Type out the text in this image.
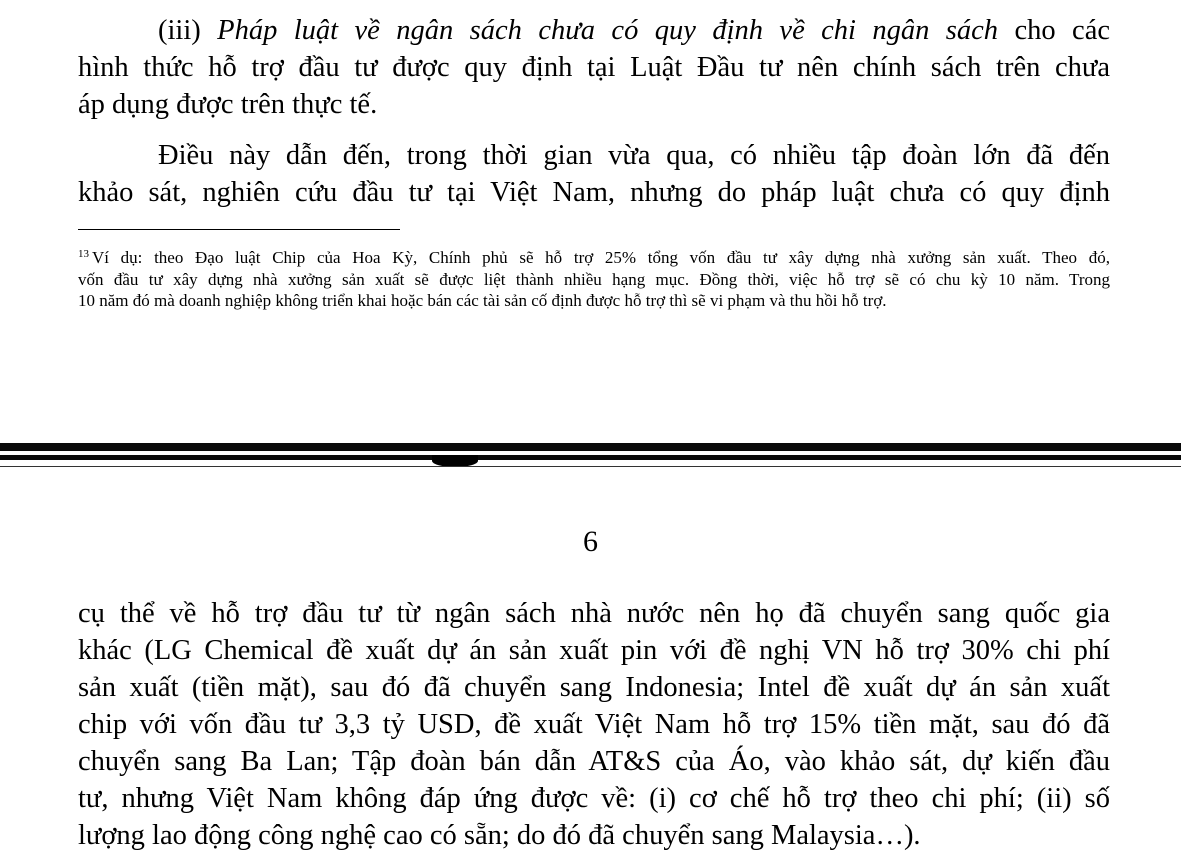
(iii) Pháp luật về ngân sách chưa có quy định về chi ngân sách cho các
hình thức hỗ trợ đầu tư được quy định tại Luật Đầu tư nên chính sách trên chưa
áp dụng được trên thực tế.

Điều này dẫn đến, trong thời gian vừa qua, có nhiều tập đoàn lớn đã đến
khảo sát, nghiên cứu đầu tư tại Việt Nam, nhưng do pháp luật chưa có quy định

$^{13}$ Ví dụ: theo Đạo luật Chip của Hoa Kỳ, Chính phủ sẽ hỗ trợ 25% tổng vốn đầu tư xây dựng nhà xưởng sản xuất. Theo đó,
vốn đầu tư xây dựng nhà xưởng sản xuất sẽ được liệt thành nhiều hạng mục. Đồng thời, việc hỗ trợ sẽ có chu kỳ 10 năm. Trong
10 năm đó mà doanh nghiệp không triển khai hoặc bán các tài sản cố định được hỗ trợ thì sẽ vi phạm và thu hồi hỗ trợ.

6

cụ thể về hỗ trợ đầu tư từ ngân sách nhà nước nên họ đã chuyển sang quốc gia
khác (LG Chemical đề xuất dự án sản xuất pin với đề nghị VN hỗ trợ 30% chi phí
sản xuất (tiền mặt), sau đó đã chuyển sang Indonesia; Intel đề xuất dự án sản xuất
chip với vốn đầu tư 3,3 tỷ USD, đề xuất Việt Nam hỗ trợ 15% tiền mặt, sau đó đã
chuyển sang Ba Lan; Tập đoàn bán dẫn AT&S của Áo, vào khảo sát, dự kiến đầu
tư, nhưng Việt Nam không đáp ứng được về: (i) cơ chế hỗ trợ theo chi phí; (ii) số
lượng lao động công nghệ cao có sẵn; do đó đã chuyển sang Malaysia…).
